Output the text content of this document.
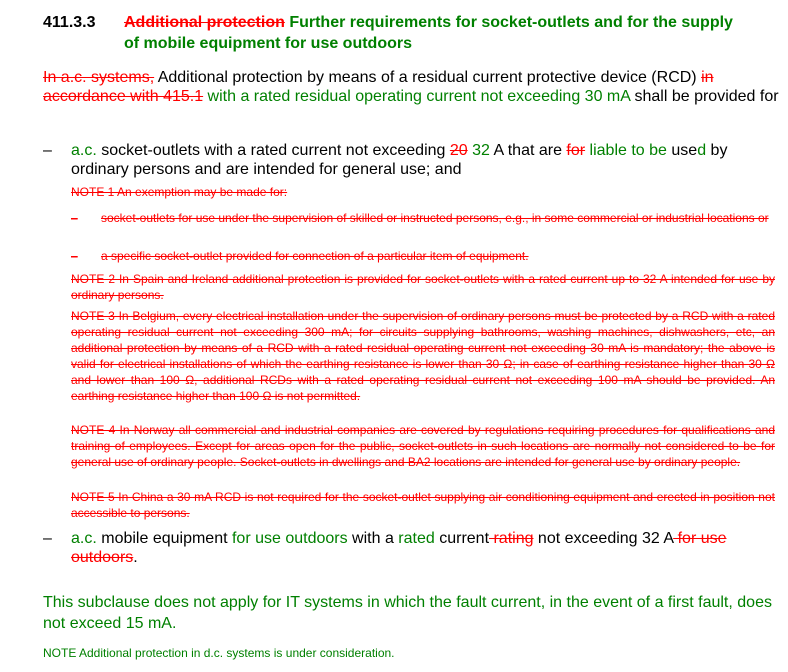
411.3.3 Additional protection Further requirements for socket-outlets and for the supply of mobile equipment for use outdoors
In a.c. systems, Additional protection by means of a residual current protective device (RCD) in accordance with 415.1 with a rated residual operating current not exceeding 30 mA shall be provided for
– a.c. socket-outlets with a rated current not exceeding 20 32 A that are for liable to be used by ordinary persons and are intended for general use; and
NOTE 1 An exemption may be made for:
– socket-outlets for use under the supervision of skilled or instructed persons, e.g., in some commercial or industrial locations or
– a specific socket-outlet provided for connection of a particular item of equipment.
NOTE 2 In Spain and Ireland additional protection is provided for socket-outlets with a rated current up to 32 A intended for use by ordinary persons.
NOTE 3 In Belgium, every electrical installation under the supervision of ordinary persons must be protected by a RCD with a rated operating residual current not exceeding 300 mA; for circuits supplying bathrooms, washing machines, dishwashers, etc, an additional protection by means of a RCD with a rated residual operating current not exceeding 30 mA is mandatory; the above is valid for electrical installations of which the earthing resistance is lower than 30 Ω; in case of earthing resistance higher than 30 Ω and lower than 100 Ω, additional RCDs with a rated operating residual current not exceeding 100 mA should be provided. An earthing resistance higher than 100 Ω is not permitted.
NOTE 4 In Norway all commercial and industrial companies are covered by regulations requiring procedures for qualifications and training of employees. Except for areas open for the public, socket-outlets in such locations are normally not considered to be for general use of ordinary people. Socket-outlets in dwellings and BA2 locations are intended for general use by ordinary people.
NOTE 5 In China a 30 mA RCD is not required for the socket-outlet supplying air conditioning equipment and erected in position not accessible to persons.
– a.c. mobile equipment for use outdoors with a rated current rating not exceeding 32 A for use outdoors.
This subclause does not apply for IT systems in which the fault current, in the event of a first fault, does not exceed 15 mA.
NOTE Additional protection in d.c. systems is under consideration.
